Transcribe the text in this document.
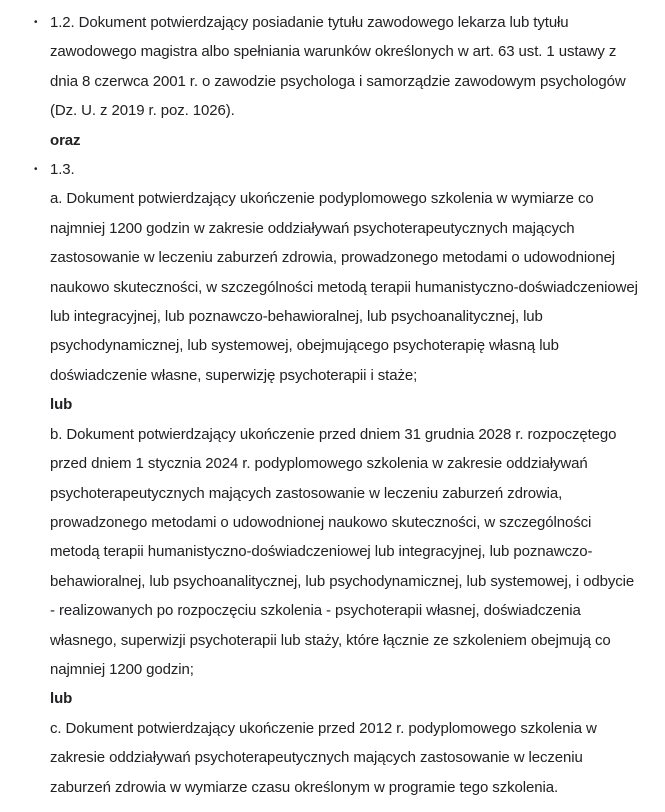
• 1.2. Dokument potwierdzający posiadanie tytułu zawodowego lekarza lub tytułu zawodowego magistra albo spełniania warunków określonych w art. 63 ust. 1 ustawy z dnia 8 czerwca 2001 r. o zawodzie psychologa i samorządzie zawodowym psychologów (Dz. U. z 2019 r. poz. 1026).

oraz

• 1.3.

a. Dokument potwierdzający ukończenie podyplomowego szkolenia w wymiarze co najmniej 1200 godzin w zakresie oddziaływań psychoterapeutycznych mających zastosowanie w leczeniu zaburzeń zdrowia, prowadzonego metodami o udowodnionej naukowo skuteczności, w szczególności metodą terapii humanistyczno-doświadczeniowej lub integracyjnej, lub poznawczo-behawioralnej, lub psychoanalitycznej, lub psychodynamicznej, lub systemowej, obejmującego psychoterapię własną lub doświadczenie własne, superwizję psychoterapii i staże;

lub

b. Dokument potwierdzający ukończenie przed dniem 31 grudnia 2028 r. rozpoczętego przed dniem 1 stycznia 2024 r. podyplomowego szkolenia w zakresie oddziaływań psychoterapeutycznych mających zastosowanie w leczeniu zaburzeń zdrowia, prowadzonego metodami o udowodnionej naukowo skuteczności, w szczególności metodą terapii humanistyczno-doświadczeniowej lub integracyjnej, lub poznawczo-behawioralnej, lub psychoanalitycznej, lub psychodynamicznej, lub systemowej, i odbycie - realizowanych po rozpoczęciu szkolenia - psychoterapii własnej, doświadczenia własnego, superwizji psychoterapii lub staży, które łącznie ze szkoleniem obejmują co najmniej 1200 godzin;

lub

c. Dokument potwierdzający ukończenie przed 2012 r. podyplomowego szkolenia w zakresie oddziaływań psychoterapeutycznych mających zastosowanie w leczeniu zaburzeń zdrowia w wymiarze czasu określonym w programie tego szkolenia.
